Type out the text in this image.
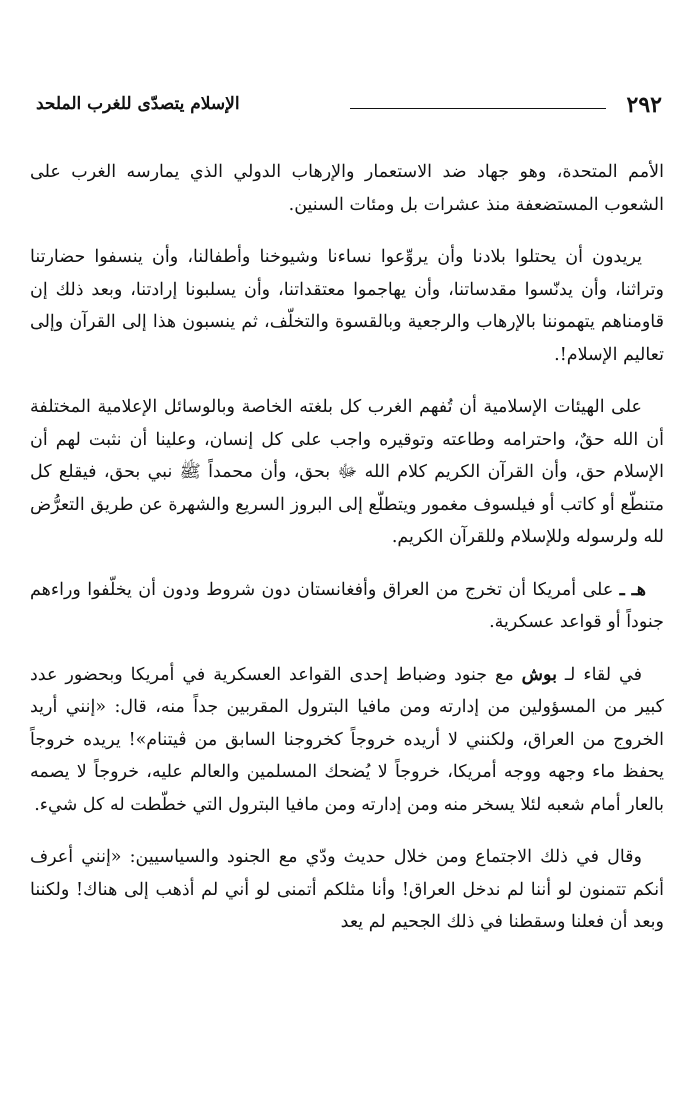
٢٩٢
الإسلام يتصدّى للغرب الملحد

الأمم المتحدة، وهو جهاد ضد الاستعمار والإرهاب الدولي الذي يمارسه الغرب على الشعوب المستضعفة منذ عشرات بل ومئات السنين.

يريدون أن يحتلوا بلادنا وأن يروِّعوا نساءنا وشيوخنا وأطفالنا، وأن ينسفوا حضارتنا وتراثنا، وأن يدنّسوا مقدساتنا، وأن يهاجموا معتقداتنا، وأن يسلبونا إرادتنا، وبعد ذلك إن قاومناهم يتهموننا بالإرهاب والرجعية وبالقسوة والتخلّف، ثم ينسبون هذا إلى القرآن وإلى تعاليم الإسلام!.

على الهيئات الإسلامية أن تُفهم الغرب كل بلغته الخاصة وبالوسائل الإعلامية المختلفة أن الله حقٌ، واحترامه وطاعته وتوقيره واجب على كل إنسان، وعلينا أن نثبت لهم أن الإسلام حق، وأن القرآن الكريم كلام الله ﷻ بحق، وأن محمداً ﷺ نبي بحق، فيقلع كل متنطّع أو كاتب أو فيلسوف مغمور ويتطلّع إلى البروز السريع والشهرة عن طريق التعرُّض لله ولرسوله وللإسلام وللقرآن الكريم.

هـ ـ على أمريكا أن تخرج من العراق وأفغانستان دون شروط ودون أن يخلّفوا وراءهم جنوداً أو قواعد عسكرية.

في لقاء لـ بوش مع جنود وضباط إحدى القواعد العسكرية في أمريكا وبحضور عدد كبير من المسؤولين من إدارته ومن مافيا البترول المقربين جداً منه، قال: «إنني أريد الخروج من العراق، ولكنني لا أريده خروجاً كخروجنا السابق من ڤيتنام»! يريده خروجاً يحفظ ماء وجهه ووجه أمريكا، خروجاً لا يُضحك المسلمين والعالم عليه، خروجاً لا يصمه بالعار أمام شعبه لئلا يسخر منه ومن إدارته ومن مافيا البترول التي خطّطت له كل شيء.

وقال في ذلك الاجتماع ومن خلال حديث ودّي مع الجنود والسياسيين: «إنني أعرف أنكم تتمنون لو أننا لم ندخل العراق! وأنا مثلكم أتمنى لو أني لم أذهب إلى هناك! ولكننا وبعد أن فعلنا وسقطنا في ذلك الجحيم لم يعد
